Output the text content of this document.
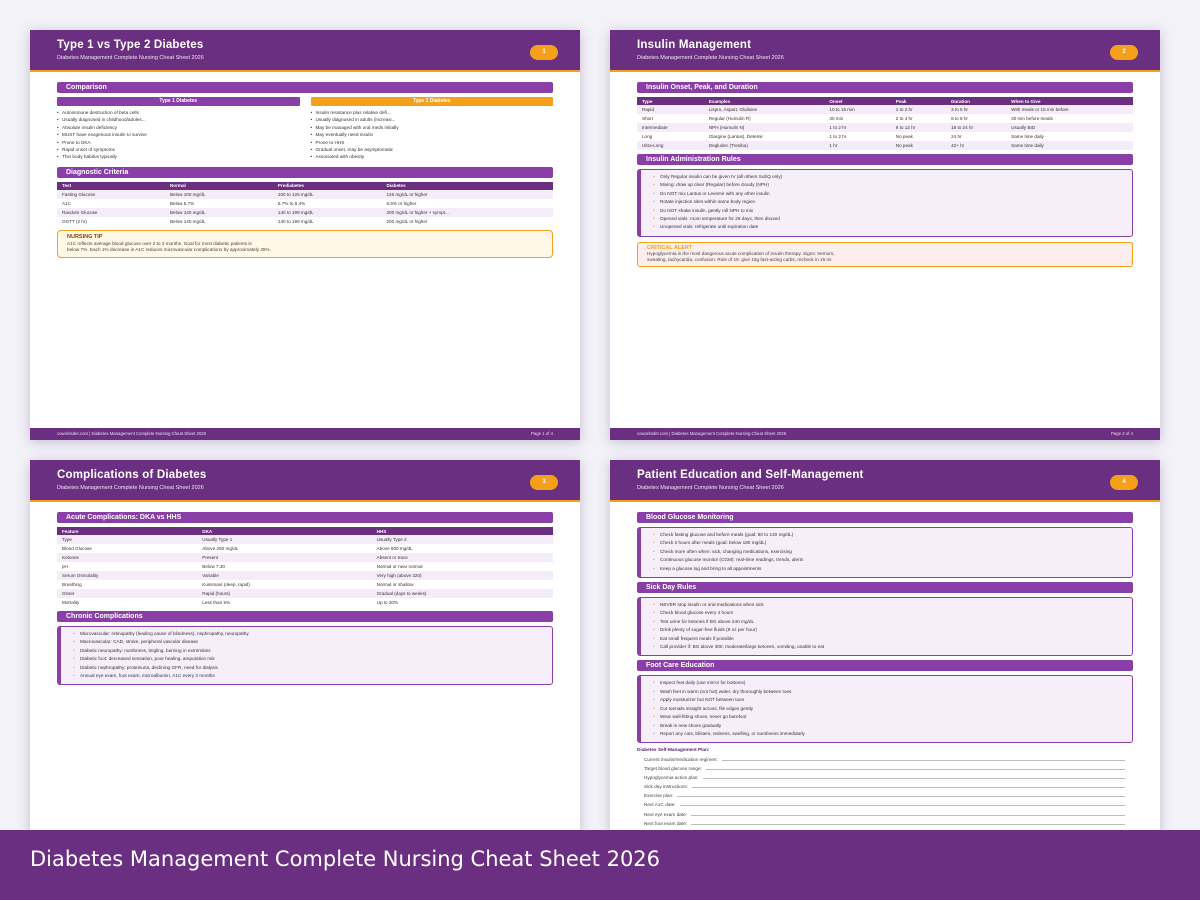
Type 1 vs Type 2 Diabetes
Diabetes Management Complete Nursing Cheat Sheet 2026
1
Comparison
Type 1 Diabetes
• Autoimmune destruction of beta cells
• Usually diagnosed in childhood/adoles...
• Absolute insulin deficiency
• MUST have exogenous insulin to survive
• Prone to DKA
• Rapid onset of symptoms
• Thin body habitus typically
Type 2 Diabetes
• Insulin resistance plus relative defi...
• Usually diagnosed in adults (increasi...
• May be managed with oral meds initially
• May eventually need insulin
• Prone to HHS
• Gradual onset, may be asymptomatic
• Associated with obesity
Diagnostic Criteria
Test	Normal	Prediabetes	Diabetes
Fasting Glucose	Below 100 mg/dL	100 to 125 mg/dL	126 mg/dL or higher
A1C	Below 5.7%	5.7% to 6.4%	6.5% or higher
Random Glucose	Below 140 mg/dL	140 to 199 mg/dL	200 mg/dL or higher + sympt...
OGTT (2 hr)	Below 140 mg/dL	140 to 199 mg/dL	200 mg/dL or higher
NURSING TIP
A1C reflects average blood glucose over 2 to 3 months. Goal for most diabetic patients is
below 7%. Each 1% decrease in A1C reduces microvascular complications by approximately 25%.
coworksder.com | Diabetes Management Complete Nursing Cheat Sheet 2026	Page 1 of 4
Insulin Management
Diabetes Management Complete Nursing Cheat Sheet 2026
2
Insulin Onset, Peak, and Duration
Type	Examples	Onset	Peak	Duration	When to Give
Rapid	Lispro, Aspart, Glulisine	10 to 15 min	1 to 2 hr	3 to 5 hr	With meals or 15 min before
Short	Regular (Humulin R)	30 min	2 to 4 hr	6 to 8 hr	30 min before meals
Intermediate	NPH (Humulin N)	1 to 2 hr	6 to 12 hr	18 to 24 hr	Usually BID
Long	Glargine (Lantus), Detemir	1 to 2 hr	No peak	24 hr	Same time daily
Ultra-Long	Degludec (Tresiba)	1 hr	No peak	42+ hr	Same time daily
Insulin Administration Rules
• Only Regular insulin can be given IV (all others SubQ only)
• Mixing: draw up clear (Regular) before cloudy (NPH)
• Do NOT mix Lantus or Levemir with any other insulin
• Rotate injection sites within same body region
• Do NOT shake insulin, gently roll NPH to mix
• Opened vials: room temperature for 28 days, then discard
• Unopened vials: refrigerate until expiration date
CRITICAL ALERT
Hypoglycemia is the most dangerous acute complication of insulin therapy. Signs: tremors,
sweating, tachycardia, confusion. Rule of 15: give 15g fast-acting carbs, recheck in 15 mi
coworksder.com | Diabetes Management Complete Nursing Cheat Sheet 2026	Page 2 of 4
Complications of Diabetes
Diabetes Management Complete Nursing Cheat Sheet 2026
3
Acute Complications: DKA vs HHS
Feature	DKA	HHS
Type	Usually Type 1	Usually Type 2
Blood Glucose	Above 250 mg/dL	Above 600 mg/dL
Ketones	Present	Absent or trace
pH	Below 7.30	Normal or near normal
Serum Osmolality	Variable	Very high (above 320)
Breathing	Kussmaul (deep, rapid)	Normal or shallow
Onset	Rapid (hours)	Gradual (days to weeks)
Mortality	Less than 5%	Up to 20%
Chronic Complications
• Microvascular: retinopathy (leading cause of blindness), nephropathy, neuropathy
• Macrovascular: CAD, stroke, peripheral vascular disease
• Diabetic neuropathy: numbness, tingling, burning in extremities
• Diabetic foot: decreased sensation, poor healing, amputation risk
• Diabetic nephropathy: proteinuria, declining GFR, need for dialysis
• Annual eye exam, foot exam, microalbumin, A1C every 3 months
Patient Education and Self-Management
Diabetes Management Complete Nursing Cheat Sheet 2026
4
Blood Glucose Monitoring
• Check fasting glucose and before meals (goal: 80 to 130 mg/dL)
• Check 2 hours after meals (goal: below 180 mg/dL)
• Check more often when: sick, changing medications, exercising
• Continuous glucose monitor (CGM): real-time readings, trends, alerts
• Keep a glucose log and bring to all appointments
Sick Day Rules
• NEVER stop insulin or oral medications when sick
• Check blood glucose every 4 hours
• Test urine for ketones if BG above 240 mg/dL
• Drink plenty of sugar-free fluids (8 oz per hour)
• Eat small frequent meals if possible
• Call provider if: BG above 300, moderate/large ketones, vomiting, unable to eat
Foot Care Education
• Inspect feet daily (use mirror for bottoms)
• Wash feet in warm (not hot) water, dry thoroughly between toes
• Apply moisturizer but NOT between toes
• Cut toenails straight across, file edges gently
• Wear well-fitting shoes, never go barefoot
• Break in new shoes gradually
• Report any cuts, blisters, redness, swelling, or numbness immediately
Diabetes Self-Management Plan:
Current insulin/medication regimen:
Target blood glucose range:
Hypoglycemia action plan:
Sick day instructions:
Exercise plan:
Next A1C date:
Next eye exam date:
Next foot exam date:
Diabetes Management Complete Nursing Cheat Sheet 2026
